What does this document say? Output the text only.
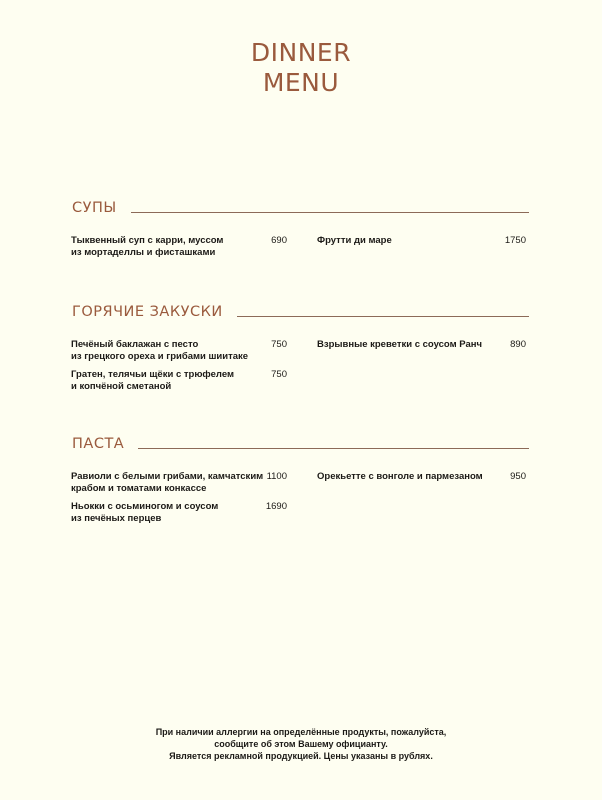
DINNER
MENU
СУПЫ
Тыквенный суп с карри, муссом
из мортаделлы и фисташками
690	Фрутти ди маре	1750
ГОРЯЧИЕ ЗАКУСКИ
Печёный баклажан с песто
из грецкого ореха и грибами шиитаке
750
Гратен, телячьи щёки с трюфелем
и копчёной сметаной
750
Взрывные креветки с соусом Ранч	890
ПАСТА
Равиоли с белыми грибами, камчатским
крабом и томатами конкассе
1100
Ньокки с осьминогом и соусом
из печёных перцев
1690
Орекьетте с вонголе и пармезаном	950
При наличии аллергии на определённые продукты, пожалуйста,
сообщите об этом Вашему официанту.
Является рекламной продукцией. Цены указаны в рублях.
